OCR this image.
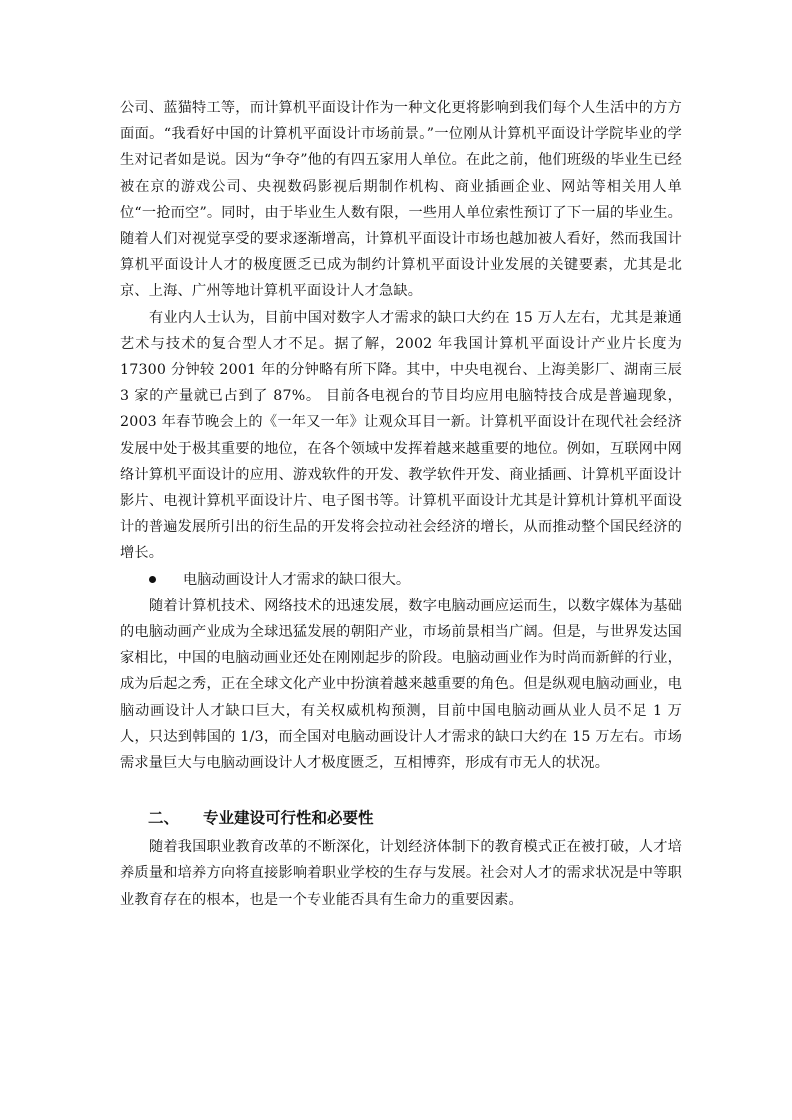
公司、蓝猫特工等，而计算机平面设计作为一种文化更将影响到我们每个人生活中的方方面面。“我看好中国的计算机平面设计市场前景。”一位刚从计算机平面设计学院毕业的学生对记者如是说。因为“争夺”他的有四五家用人单位。在此之前，他们班级的毕业生已经被在京的游戏公司、央视数码影视后期制作机构、商业插画企业、网站等相关用人单位“一抢而空”。同时，由于毕业生人数有限，一些用人单位索性预订了下一届的毕业生。随着人们对视觉享受的要求逐渐增高，计算机平面设计市场也越加被人看好，然而我国计算机平面设计人才的极度匮乏已成为制约计算机平面设计业发展的关键要素，尤其是北京、上海、广州等地计算机平面设计人才急缺。

有业内人士认为，目前中国对数字人才需求的缺口大约在 15 万人左右，尤其是兼通艺术与技术的复合型人才不足。据了解，2002 年我国计算机平面设计产业片长度为 17300 分钟较 2001 年的分钟略有所下降。其中，中央电视台、上海美影厂、湖南三辰 3 家的产量就已占到了 87%。 目前各电视台的节目均应用电脑特技合成是普遍现象，2003 年春节晚会上的《一年又一年》让观众耳目一新。计算机平面设计在现代社会经济发展中处于极其重要的地位，在各个领域中发挥着越来越重要的地位。例如，互联网中网络计算机平面设计的应用、游戏软件的开发、教学软件开发、商业插画、计算机平面设计影片、电视计算机平面设计片、电子图书等。计算机平面设计尤其是计算机计算机平面设计的普遍发展所引出的衍生品的开发将会拉动社会经济的增长，从而推动整个国民经济的增长。

电脑动画设计人才需求的缺口很大。

随着计算机技术、网络技术的迅速发展，数字电脑动画应运而生，以数字媒体为基础的电脑动画产业成为全球迅猛发展的朝阳产业，市场前景相当广阔。但是，与世界发达国家相比，中国的电脑动画业还处在刚刚起步的阶段。电脑动画业作为时尚而新鲜的行业，成为后起之秀，正在全球文化产业中扮演着越来越重要的角色。但是纵观电脑动画业，电脑动画设计人才缺口巨大，有关权威机构预测，目前中国电脑动画从业人员不足 1 万人，只达到韩国的 1/3，而全国对电脑动画设计人才需求的缺口大约在 15 万左右。市场需求量巨大与电脑动画设计人才极度匮乏，互相博弈，形成有市无人的状况。

二、	专业建设可行性和必要性

随着我国职业教育改革的不断深化，计划经济体制下的教育模式正在被打破，人才培养质量和培养方向将直接影响着职业学校的生存与发展。社会对人才的需求状况是中等职业教育存在的根本，也是一个专业能否具有生命力的重要因素。
